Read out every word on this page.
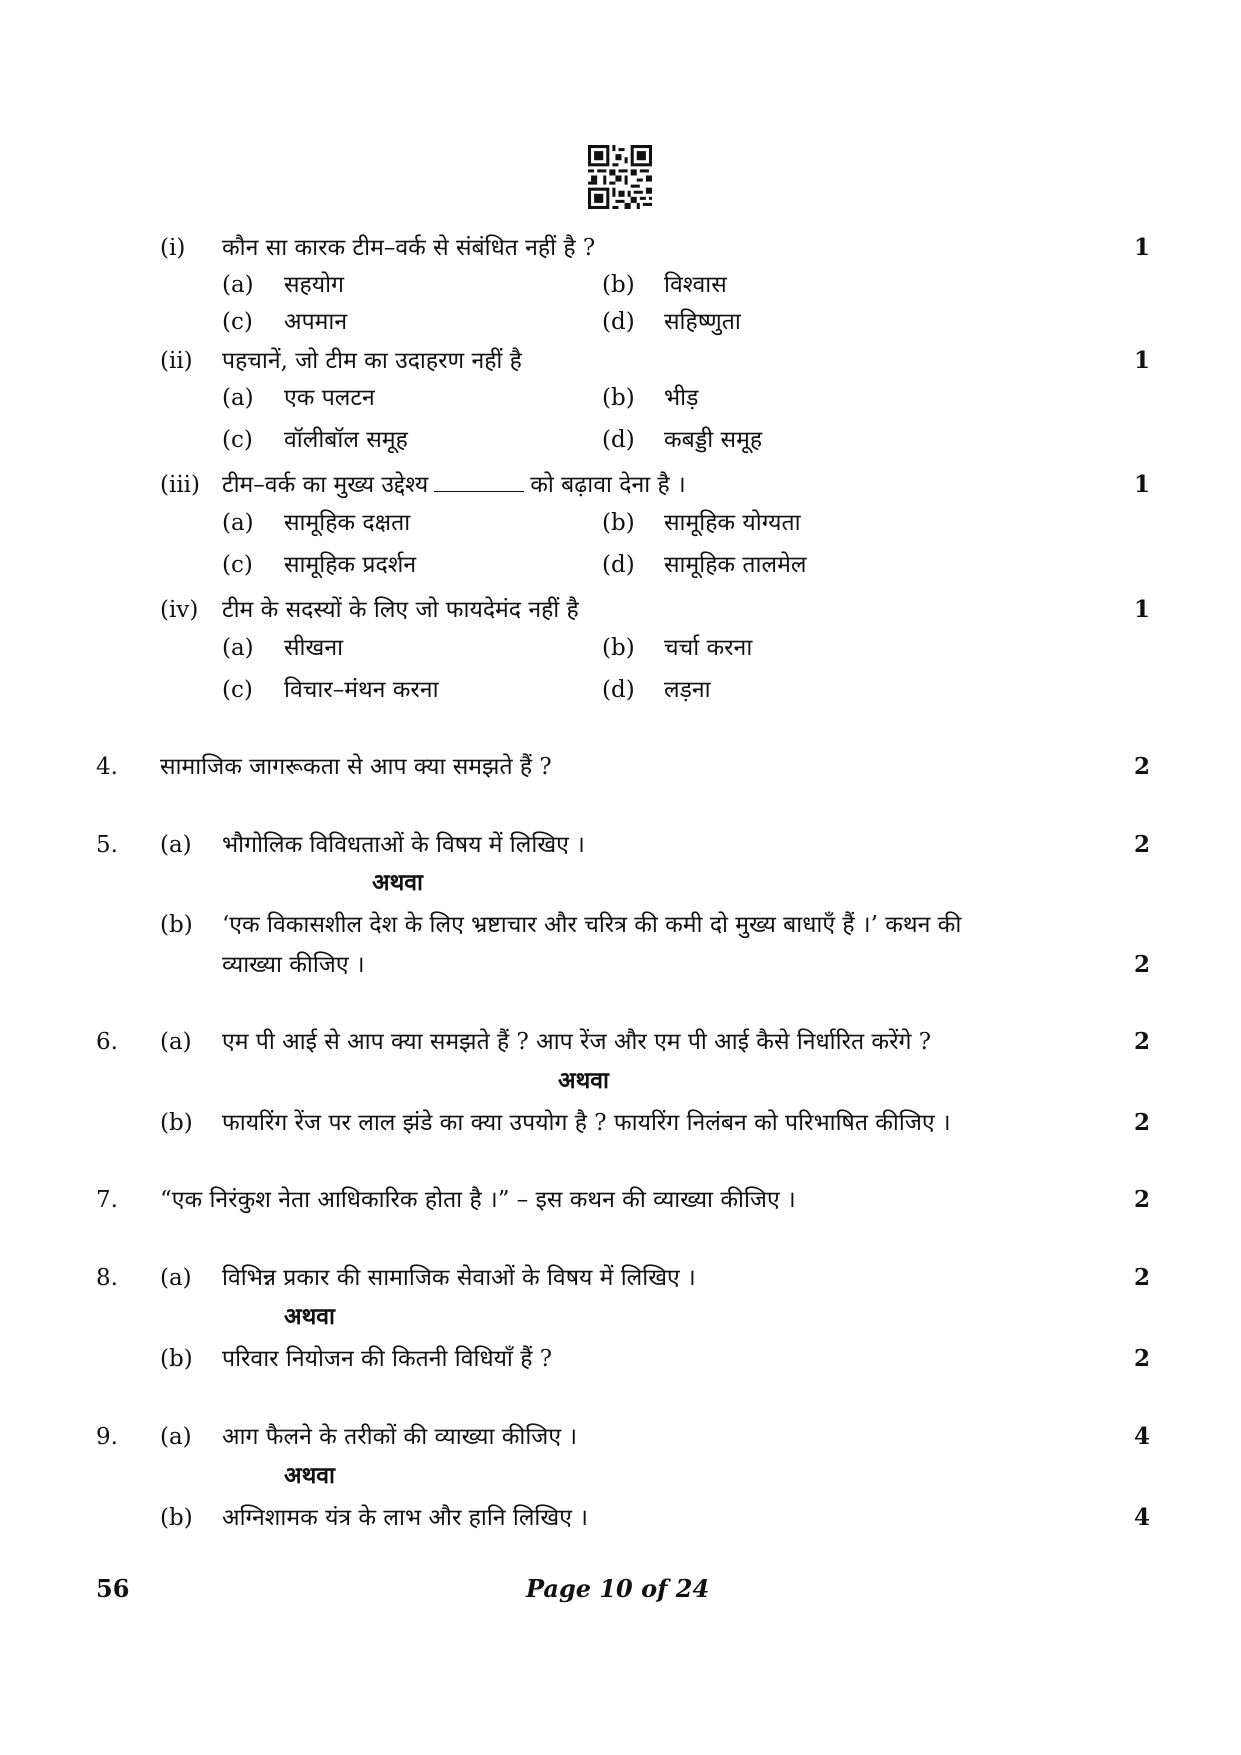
(i) कौन सा कारक टीम–वर्क से संबंधित नहीं है ?	1
(a) सहयोग	(b) विश्वास
(c) अपमान	(d) सहिष्णुता
(ii) पहचानें, जो टीम का उदाहरण नहीं है	1
(a) एक पलटन	(b) भीड़
(c) वॉलीबॉल समूह	(d) कबड्डी समूह
(iii) टीम–वर्क का मुख्य उद्देश्य	को बढ़ावा देना है ।	1
(a) सामूहिक दक्षता	(b) सामूहिक योग्यता
(c) सामूहिक प्रदर्शन	(d) सामूहिक तालमेल
(iv) टीम के सदस्यों के लिए जो फायदेमंद नहीं है	1
(a) सीखना	(b) चर्चा करना
(c) विचार–मंथन करना	(d) लड़ना
4. सामाजिक जागरूकता से आप क्या समझते हैं ?	2
5. (a) भौगोलिक विविधताओं के विषय में लिखिए ।	2
अथवा
(b) ‘एक विकासशील देश के लिए भ्रष्टाचार और चरित्र की कमी दो मुख्य बाधाएँ हैं ।’ कथन की
व्याख्या कीजिए ।	2
6. (a) एम पी आई से आप क्या समझते हैं ? आप रेंज और एम पी आई कैसे निर्धारित करेंगे ?	2
अथवा
(b) फायरिंग रेंज पर लाल झंडे का क्या उपयोग है ? फायरिंग निलंबन को परिभाषित कीजिए ।	2
7. “एक निरंकुश नेता आधिकारिक होता है ।” – इस कथन की व्याख्या कीजिए ।	2
8. (a) विभिन्न प्रकार की सामाजिक सेवाओं के विषय में लिखिए ।	2
अथवा
(b) परिवार नियोजन की कितनी विधियाँ हैं ?	2
9. (a) आग फैलने के तरीकों की व्याख्या कीजिए ।	4
अथवा
(b) अग्निशामक यंत्र के लाभ और हानि लिखिए ।	4
56	Page 10 of 24
